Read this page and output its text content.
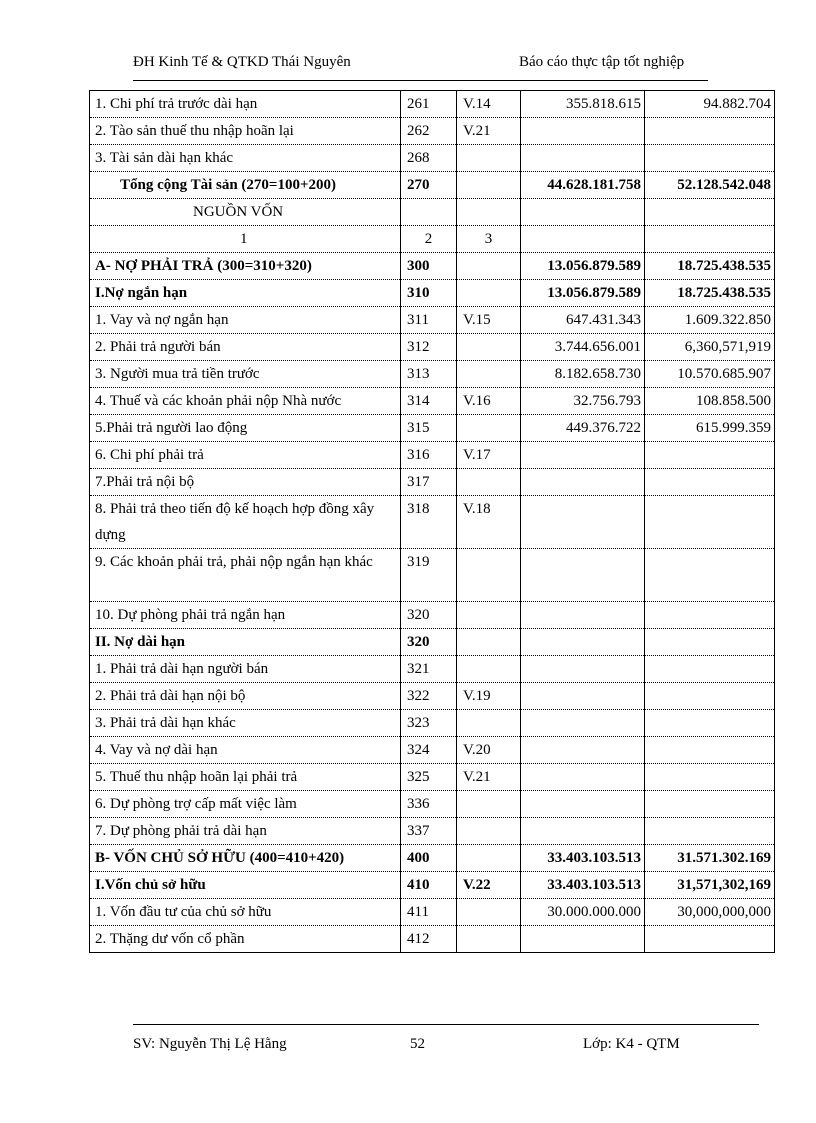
ĐH Kinh Tế & QTKD Thái Nguyên	Báo cáo thực tập tốt nghiệp
1. Chi phí trả trước dài hạn	261	V.14	355.818.615	94.882.704
2. Tào sản thuế thu nhập hoãn lại	262	V.21		
3. Tài sản dài hạn khác	268			
Tổng cộng Tài sản (270=100+200)	270		44.628.181.758	52.128.542.048
NGUỒN VỐN				
1	2	3		
A- NỢ PHẢI TRẢ (300=310+320)	300		13.056.879.589	18.725.438.535
I.Nợ ngắn hạn	310		13.056.879.589	18.725.438.535
1. Vay và nợ ngắn hạn	311	V.15	647.431.343	1.609.322.850
2. Phải trả người bán	312		3.744.656.001	6,360,571,919
3. Người mua trả tiền trước	313		8.182.658.730	10.570.685.907
4. Thuế và các khoản phải nộp Nhà nước	314	V.16	32.756.793	108.858.500
5.Phải trả người lao động	315		449.376.722	615.999.359
6. Chi phí phải trả	316	V.17		
7.Phải trả nội bộ	317			
8. Phải trả theo tiến độ kế hoạch hợp đồng xây dựng	318	V.18		
9. Các khoản phải trả, phải nộp ngắn hạn khác	319			
10. Dự phòng phải trả ngắn hạn	320			
II. Nợ dài hạn	320			
1. Phải trả dài hạn người bán	321			
2. Phải trả dài hạn nội bộ	322	V.19		
3. Phải trả dài hạn khác	323			
4. Vay và nợ dài hạn	324	V.20		
5. Thuế thu nhập hoãn lại phải trả	325	V.21		
6. Dự phòng trợ cấp mất việc làm	336			
7. Dự phòng phải trả dài hạn	337			
B- VỐN CHỦ SỞ HỮU (400=410+420)	400		33.403.103.513	31.571.302.169
I.Vốn chủ sở hữu	410	V.22	33.403.103.513	31,571,302,169
1. Vốn đầu tư của chủ sở hữu	411		30.000.000.000	30,000,000,000
2. Thặng dư vốn cổ phần	412			
SV: Nguyễn Thị Lệ Hằng	52	Lớp: K4 - QTM
